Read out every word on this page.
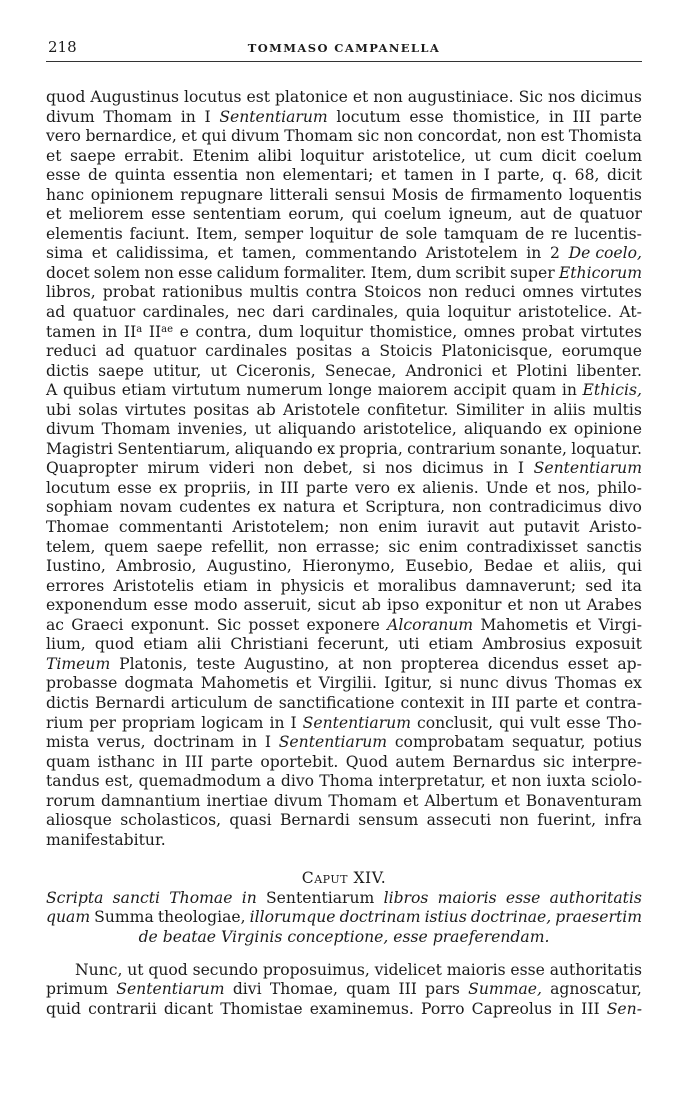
218	TOMMASO CAMPANELLA
quod Augustinus locutus est platonice et non augustiniace. Sic nos dicimus
divum Thomam in I Sententiarum locutum esse thomistice, in III parte
vero bernardice, et qui divum Thomam sic non concordat, non est Thomista
et saepe errabit. Etenim alibi loquitur aristotelice, ut cum dicit coelum
esse de quinta essentia non elementari; et tamen in I parte, q. 68, dicit
hanc opinionem repugnare litterali sensui Mosis de firmamento loquentis
et meliorem esse sententiam eorum, qui coelum igneum, aut de quatuor
elementis faciunt. Item, semper loquitur de sole tamquam de re lucentis-
sima et calidissima, et tamen, commentando Aristotelem in 2 De coelo,
docet solem non esse calidum formaliter. Item, dum scribit super Ethicorum
libros, probat rationibus multis contra Stoicos non reduci omnes virtutes
ad quatuor cardinales, nec dari cardinales, quia loquitur aristotelice. At-
tamen in $II^a$ $II^{ae}$ e contra, dum loquitur thomistice, omnes probat virtutes
reduci ad quatuor cardinales positas a Stoicis Platonicisque, eorumque
dictis saepe utitur, ut Ciceronis, Senecae, Andronici et Plotini libenter.
A quibus etiam virtutum numerum longe maiorem accipit quam in Ethicis,
ubi solas virtutes positas ab Aristotele confitetur. Similiter in aliis multis
divum Thomam invenies, ut aliquando aristotelice, aliquando ex opinione
Magistri Sententiarum, aliquando ex propria, contrarium sonante, loquatur.
Quapropter mirum videri non debet, si nos dicimus in I Sententiarum
locutum esse ex propriis, in III parte vero ex alienis. Unde et nos, philo-
sophiam novam cudentes ex natura et Scriptura, non contradicimus divo
Thomae commentanti Aristotelem; non enim iuravit aut putavit Aristo-
telem, quem saepe refellit, non errasse; sic enim contradixisset sanctis
Iustino, Ambrosio, Augustino, Hieronymo, Eusebio, Bedae et aliis, qui
errores Aristotelis etiam in physicis et moralibus damnaverunt; sed ita
exponendum esse modo asseruit, sicut ab ipso exponitur et non ut Arabes
ac Graeci exponunt. Sic posset exponere Alcoranum Mahometis et Virgi-
lium, quod etiam alii Christiani fecerunt, uti etiam Ambrosius exposuit
Timeum Platonis, teste Augustino, at non propterea dicendus esset ap-
probasse dogmata Mahometis et Virgilii. Igitur, si nunc divus Thomas ex
dictis Bernardi articulum de sanctificatione contexit in III parte et contra-
rium per propriam logicam in I Sententiarum conclusit, qui vult esse Tho-
mista verus, doctrinam in I Sententiarum comprobatam sequatur, potius
quam isthanc in III parte oportebit. Quod autem Bernardus sic interpre-
tandus est, quemadmodum a divo Thoma interpretatur, et non iuxta sciolo-
rorum damnantium inertiae divum Thomam et Albertum et Bonaventuram
aliosque scholasticos, quasi Bernardi sensum assecuti non fuerint, infra
manifestabitur.
Caput XIV.
Scripta sancti Thomae in Sententiarum libros maioris esse authoritatis
quam Summa theologiae, illorumque doctrinam istius doctrinae, praesertim
de beatae Virginis conceptione, esse praeferendam.
Nunc, ut quod secundo proposuimus, videlicet maioris esse authoritatis
primum Sententiarum divi Thomae, quam III pars Summae, agnoscatur,
quid contrarii dicant Thomistae examinemus. Porro Capreolus in III Sen-
